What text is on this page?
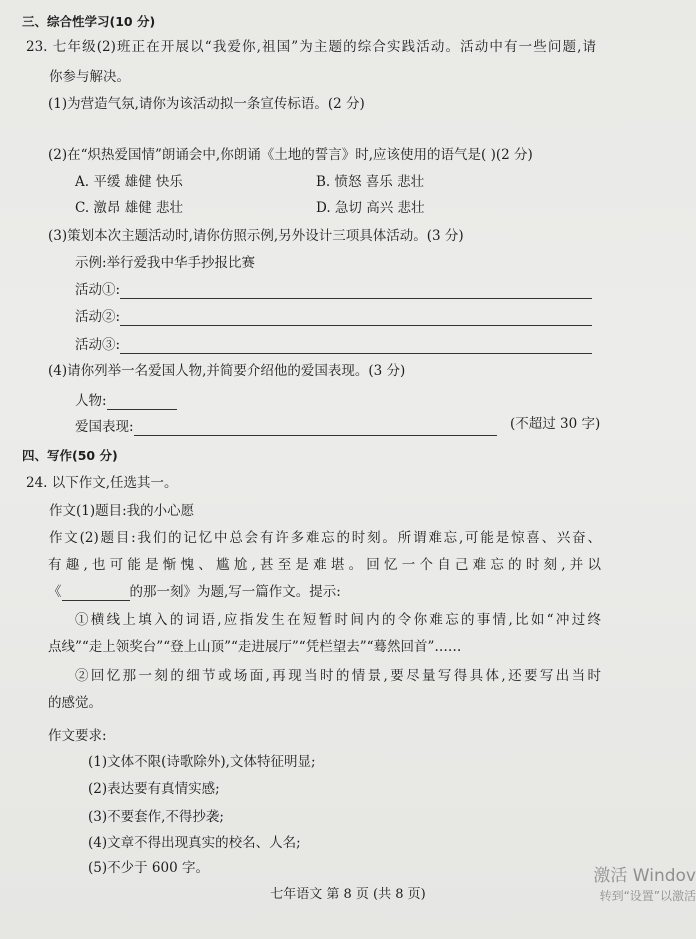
三、综合性学习(10 分)
23. 七年级(2)班正在开展以“我爱你,祖国”为主题的综合实践活动。活动中有一些问题,请
你参与解决。
(1)为营造气氛,请你为该活动拟一条宣传标语。(2 分)
(2)在“炽热爱国情”朗诵会中,你朗诵《土地的誓言》时,应该使用的语气是( )(2 分)
A. 平缓 雄健 快乐	B. 愤怒 喜乐 悲壮
C. 激昂 雄健 悲壮	D. 急切 高兴 悲壮
(3)策划本次主题活动时,请你仿照示例,另外设计三项具体活动。(3 分)
示例:举行爱我中华手抄报比赛
活动①:
活动②:
活动③:
(4)请你列举一名爱国人物,并简要介绍他的爱国表现。(3 分)
人物:
爱国表现:	(不超过 30 字)
四、写作(50 分)
24. 以下作文,任选其一。
作文(1)题目:我的小心愿
作文(2)题目:我们的记忆中总会有许多难忘的时刻。所谓难忘,可能是惊喜、兴奋、
有趣,也可能是惭愧、尴尬,甚至是难堪。回忆一个自己难忘的时刻,并以
《	的那一刻》为题,写一篇作文。提示:
①横线上填入的词语,应指发生在短暂时间内的令你难忘的事情,比如“冲过终
点线”“走上领奖台”“登上山顶”“走进展厅”“凭栏望去”“蓦然回首”……
②回忆那一刻的细节或场面,再现当时的情景,要尽量写得具体,还要写出当时
的感觉。
作文要求:
(1)文体不限(诗歌除外),文体特征明显;
(2)表达要有真情实感;
(3)不要套作,不得抄袭;
(4)文章不得出现真实的校名、人名;
(5)不少于 600 字。
七年语文 第 8 页 (共 8 页)
激活 Windov
转到“设置”以激活
